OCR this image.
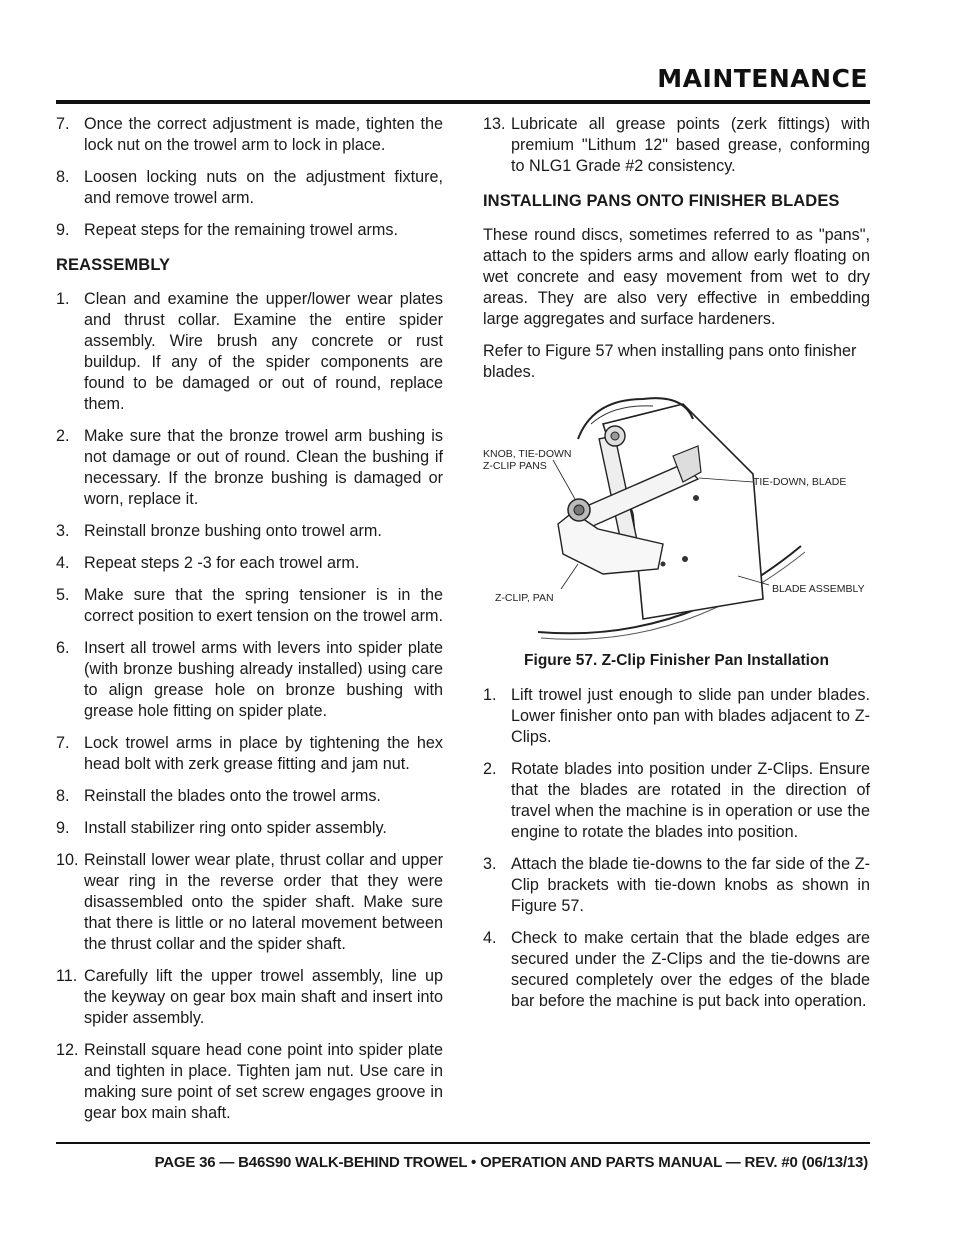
MAINTENANCE
7. Once the correct adjustment is made, tighten the lock nut on the trowel arm to lock in place.
8. Loosen locking nuts on the adjustment fixture, and remove trowel arm.
9. Repeat steps for the remaining trowel arms.
REASSEMBLY
1. Clean and examine the upper/lower wear plates and thrust collar. Examine the entire spider assembly. Wire brush any concrete or rust buildup. If any of the spider components are found to be damaged or out of round, replace them.
2. Make sure that the bronze trowel arm bushing is not damage or out of round. Clean the bushing if necessary. If the bronze bushing is damaged or worn, replace it.
3. Reinstall bronze bushing onto trowel arm.
4. Repeat steps 2 -3 for each trowel arm.
5. Make sure that the spring tensioner is in the correct position to exert tension on the trowel arm.
6. Insert all trowel arms with levers into spider plate (with bronze bushing already installed) using care to align grease hole on bronze bushing with grease hole fitting on spider plate.
7. Lock trowel arms in place by tightening the hex head bolt with zerk grease fitting and jam nut.
8. Reinstall the blades onto the trowel arms.
9. Install stabilizer ring onto spider assembly.
10. Reinstall lower wear plate, thrust collar and upper wear ring in the reverse order that they were disassembled onto the spider shaft. Make sure that there is little or no lateral movement between the thrust collar and the spider shaft.
11. Carefully lift the upper trowel assembly, line up the keyway on gear box main shaft and insert into spider assembly.
12. Reinstall square head cone point into spider plate and tighten in place. Tighten jam nut. Use care in making sure point of set screw engages groove in gear box main shaft.
13. Lubricate all grease points (zerk fittings) with premium "Lithum 12" based grease, conforming to NLG1 Grade #2 consistency.
INSTALLING PANS ONTO FINISHER BLADES
These round discs, sometimes referred to as "pans", attach to the spiders arms and allow early floating on wet concrete and easy movement from wet to dry areas. They are also very effective in embedding large aggregates and surface hardeners.
Refer to Figure 57 when installing pans onto finisher blades.
KNOB, TIE-DOWN
Z-CLIP PANS
TIE-DOWN, BLADE
BLADE ASSEMBLY
Z-CLIP, PAN
Figure 57. Z-Clip Finisher Pan Installation
1. Lift trowel just enough to slide pan under blades. Lower finisher onto pan with blades adjacent to Z-Clips.
2. Rotate blades into position under Z-Clips. Ensure that the blades are rotated in the direction of travel when the machine is in operation or use the engine to rotate the blades into position.
3. Attach the blade tie-downs to the far side of the Z-Clip brackets with tie-down knobs as shown in Figure 57.
4. Check to make certain that the blade edges are secured under the Z-Clips and the tie-downs are secured completely over the edges of the blade bar before the machine is put back into operation.
PAGE 36 — B46S90 WALK-BEHIND TROWEL • OPERATION AND PARTS MANUAL — REV. #0 (06/13/13)
